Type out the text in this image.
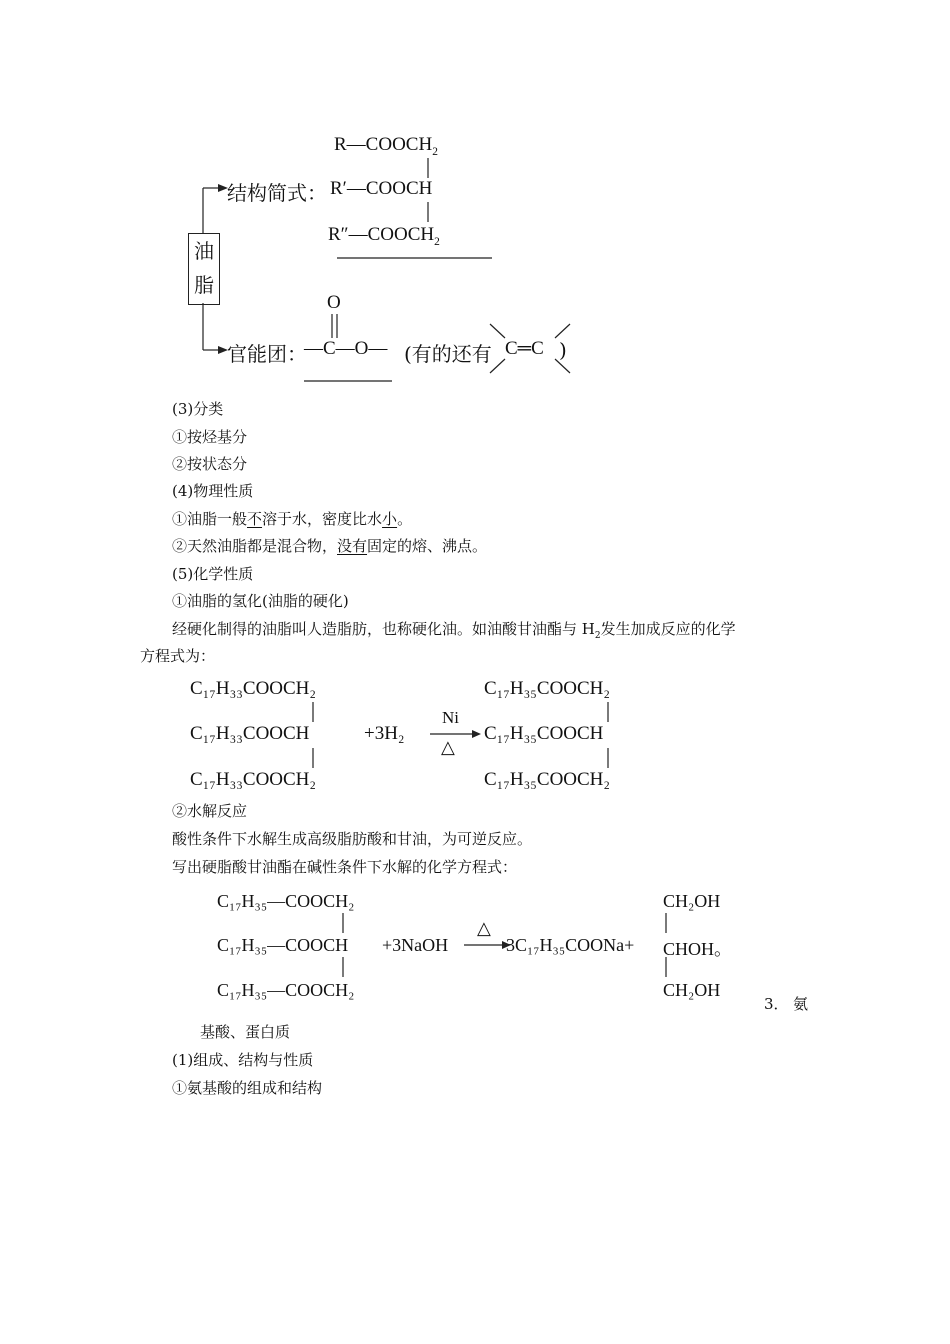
油
脂
$R—COOCH_2$
结构简式： R′—COOCH
$R''—COOCH_2$
O
官能团：
—C—O— (有的还有 C═C )
(3)分类
①按烃基分
②按状态分
(4)物理性质
①油脂一般不溶于水，密度比水小。
②天然油脂都是混合物，没有固定的熔、沸点。
(5)化学性质
①油脂的氢化(油脂的硬化)
经硬化制得的油脂叫人造脂肪，也称硬化油。如油酸甘油酯与 $H_2$发生加成反应的化学
方程式为：
C₁₇H₃₃COOCH₂
C₁₇H₃₃COOCH
C₁₇H₃₃COOCH₂
+3H₂
Ni
△
C₁₇H₃₅COOCH₂
C₁₇H₃₅COOCH
C₁₇H₃₅COOCH₂
②水解反应
酸性条件下水解生成高级脂肪酸和甘油，为可逆反应。
写出硬脂酸甘油酯在碱性条件下水解的化学方程式：
C₁₇H₃₅—COOCH₂
C₁₇H₃₅—COOCH
C₁₇H₃₅—COOCH₂
+3NaOH
△
3C₁₇H₃₅COONa+
CH₂OH
CHOH。
CH₂OH
3． 氨
基酸、蛋白质
(1)组成、结构与性质
①氨基酸的组成和结构
